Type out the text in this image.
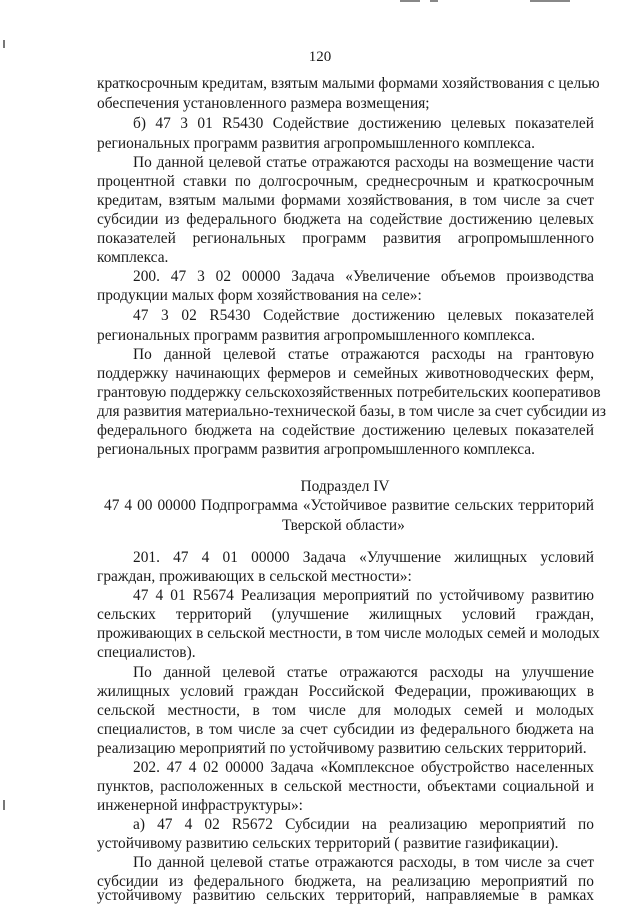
120
краткосрочным кредитам, взятым малыми формами хозяйствования с целью
обеспечения установленного размера возмещения;
б) 47 3 01 R5430 Содействие достижению целевых показателей
региональных программ развития агропромышленного комплекса.
По данной целевой статье отражаются расходы на возмещение части
процентной ставки по долгосрочным, среднесрочным и краткосрочным
кредитам, взятым малыми формами хозяйствования, в том числе за счет
субсидии из федерального бюджета на содействие достижению целевых
показателей региональных программ развития агропромышленного
комплекса.
200. 47 3 02 00000 Задача «Увеличение объемов производства
продукции малых форм хозяйствования на селе»:
47 3 02 R5430 Содействие достижению целевых показателей
региональных программ развития агропромышленного комплекса.
По данной целевой статье отражаются расходы на грантовую
поддержку начинающих фермеров и семейных животноводческих ферм,
грантовую поддержку сельскохозяйственных потребительских кооперативов
для развития материально-технической базы, в том числе за счет субсидии из
федерального бюджета на содействие достижению целевых показателей
региональных программ развития агропромышленного комплекса.
Подраздел IV
47 4 00 00000 Подпрограмма «Устойчивое развитие сельских территорий
Тверской области»
201. 47 4 01 00000 Задача «Улучшение жилищных условий
граждан, проживающих в сельской местности»:
47 4 01 R5674 Реализация мероприятий по устойчивому развитию
сельских территорий (улучшение жилищных условий граждан,
проживающих в сельской местности, в том числе молодых семей и молодых
специалистов).
По данной целевой статье отражаются расходы на улучшение
жилищных условий граждан Российской Федерации, проживающих в
сельской местности, в том числе для молодых семей и молодых
специалистов, в том числе за счет субсидии из федерального бюджета на
реализацию мероприятий по устойчивому развитию сельских территорий.
202. 47 4 02 00000 Задача «Комплексное обустройство населенных
пунктов, расположенных в сельской местности, объектами социальной и
инженерной инфраструктуры»:
а) 47 4 02 R5672 Субсидии на реализацию мероприятий по
устойчивому развитию сельских территорий ( развитие газификации).
По данной целевой статье отражаются расходы, в том числе за счет
субсидии из федерального бюджета, на реализацию мероприятий по
устойчивому развитию сельских территорий, направляемые в рамках
